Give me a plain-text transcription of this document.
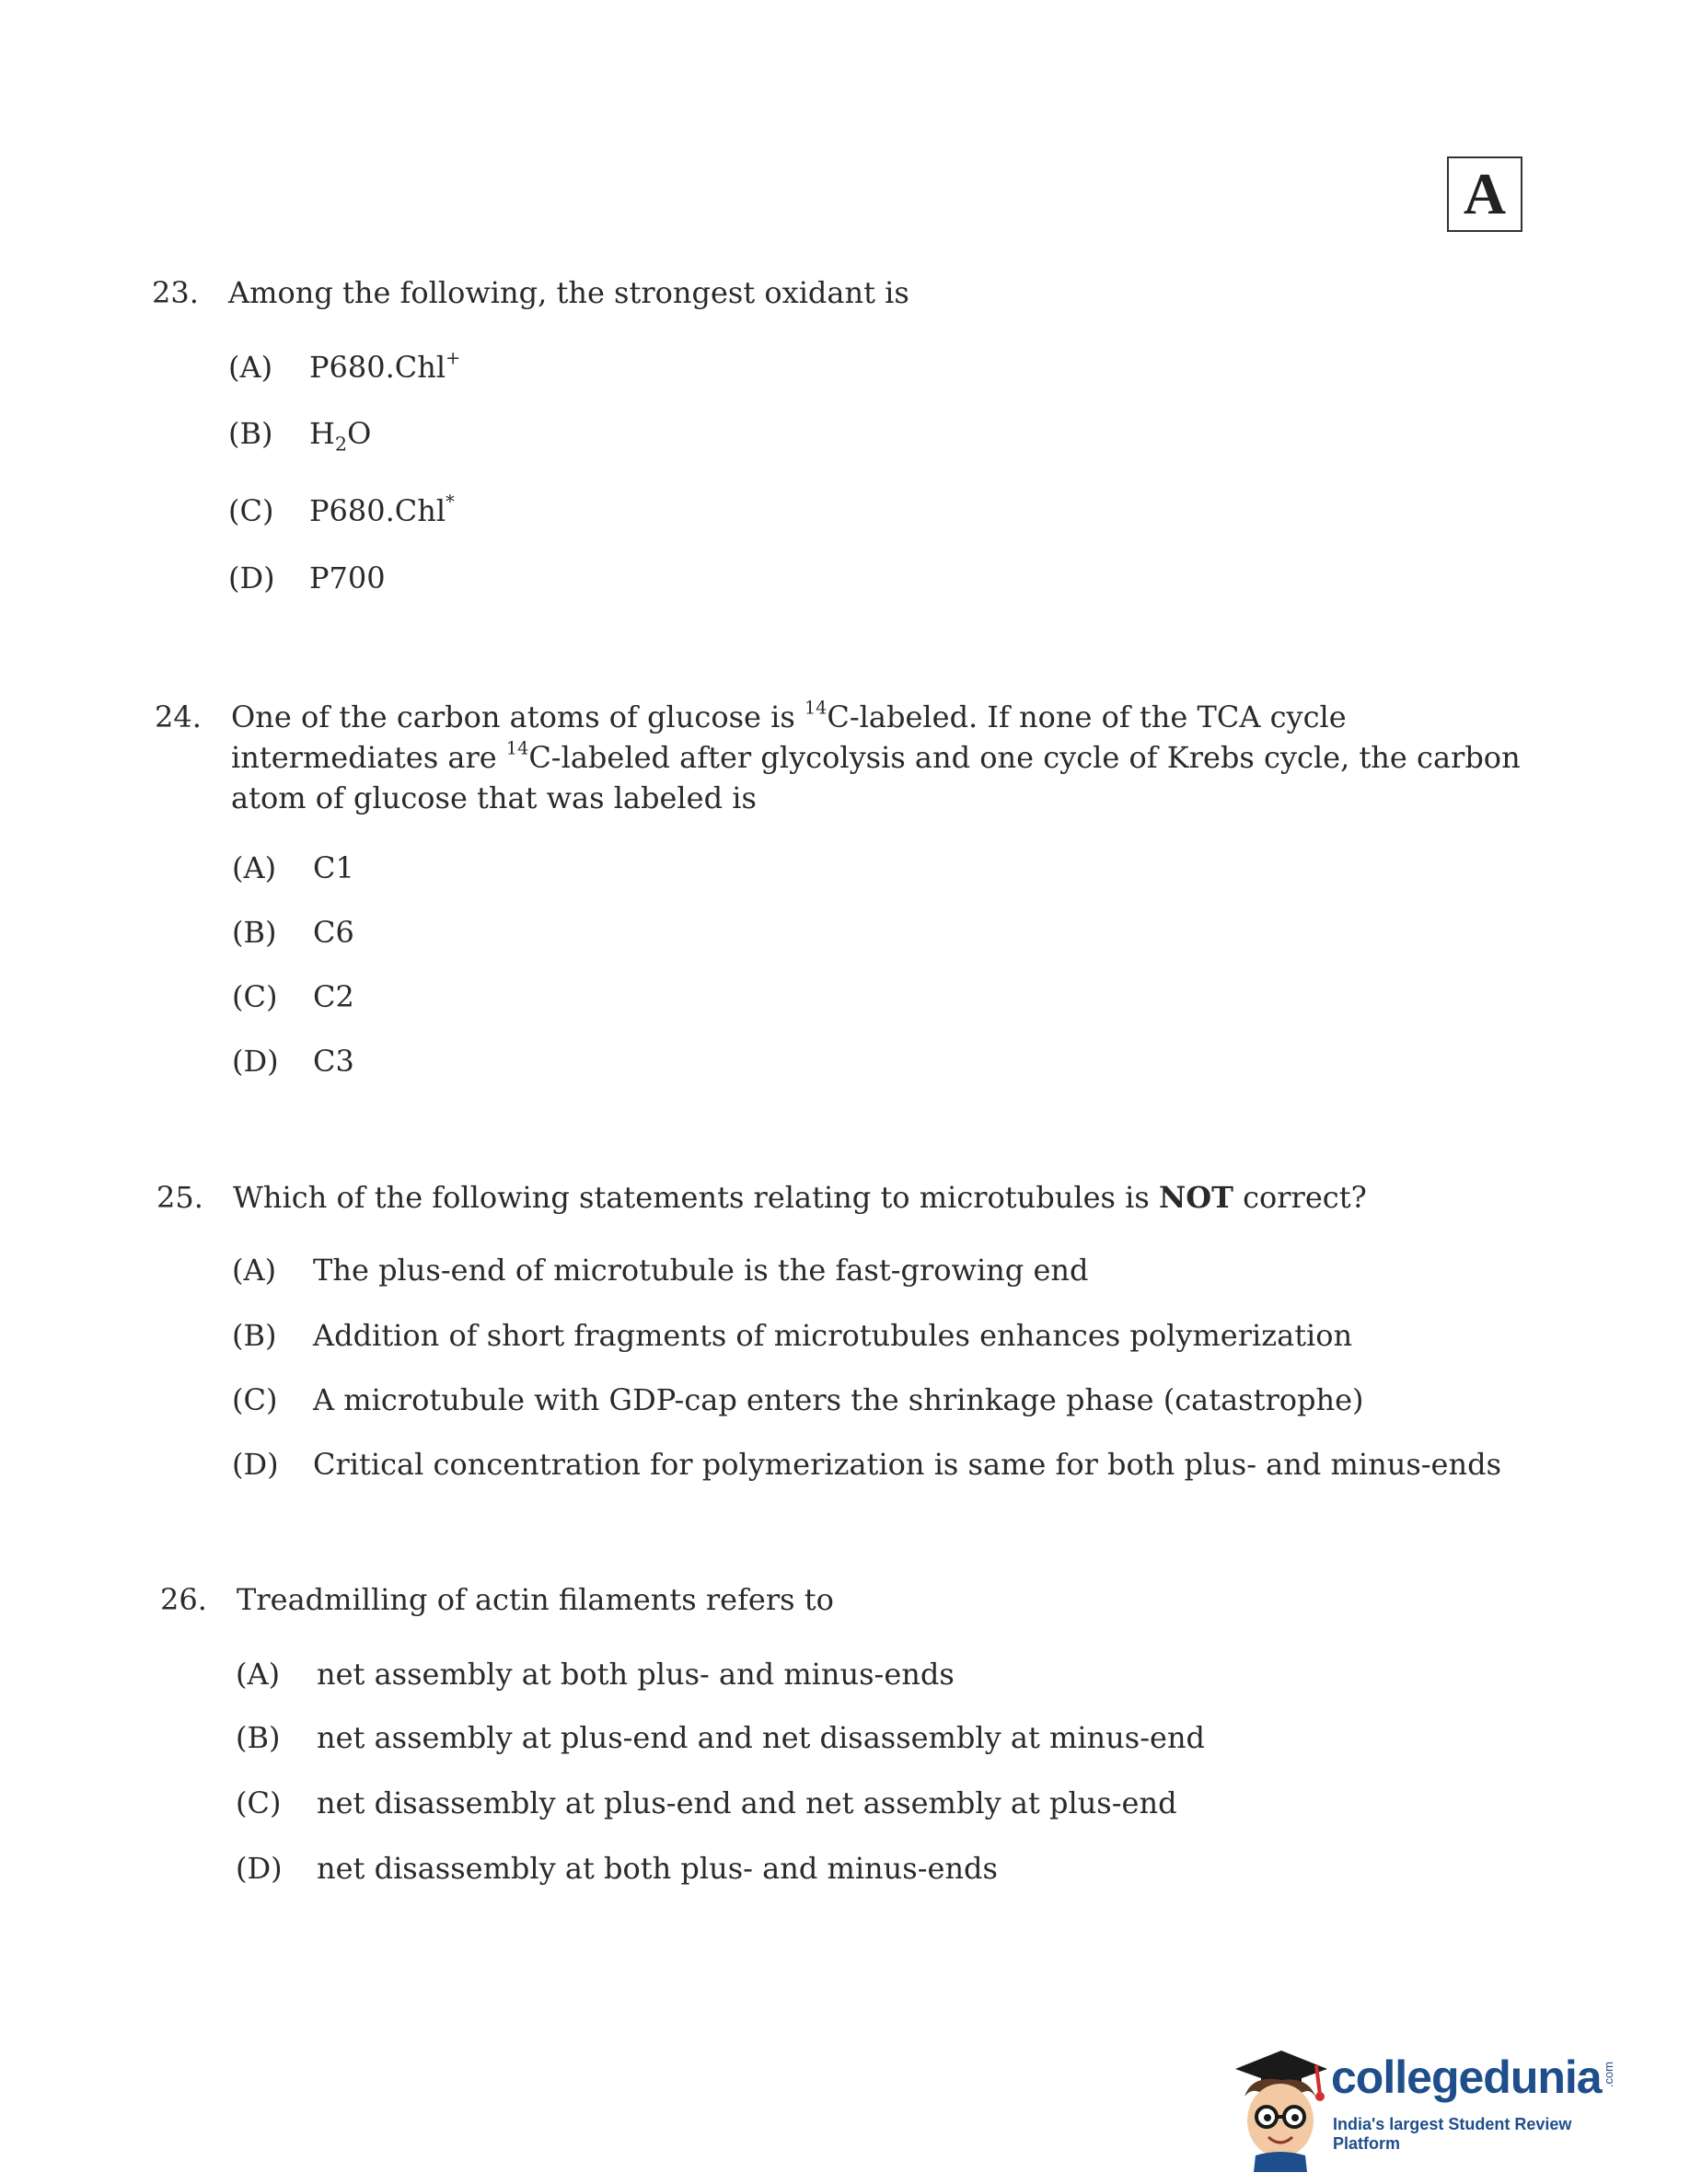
A
23. Among the following, the strongest oxidant is
(A) P680.Chl+
(B) $H_2O$
(C) P680.Chl*
(D) P700
24. One of the carbon atoms of glucose is $^{14}$C-labeled. If none of the TCA cycle intermediates are $^{14}$C-labeled after glycolysis and one cycle of Krebs cycle, the carbon atom of glucose that was labeled is
(A) C1
(B) C6
(C) C2
(D) C3
25. Which of the following statements relating to microtubules is NOT correct?
(A) The plus-end of microtubule is the fast-growing end
(B) Addition of short fragments of microtubules enhances polymerization
(C) A microtubule with GDP-cap enters the shrinkage phase (catastrophe)
(D) Critical concentration for polymerization is same for both plus- and minus-ends
26. Treadmilling of actin filaments refers to
(A) net assembly at both plus- and minus-ends
(B) net assembly at plus-end and net disassembly at minus-end
(C) net disassembly at plus-end and net assembly at plus-end
(D) net disassembly at both plus- and minus-ends
collegedunia .com
India's largest Student Review Platform
